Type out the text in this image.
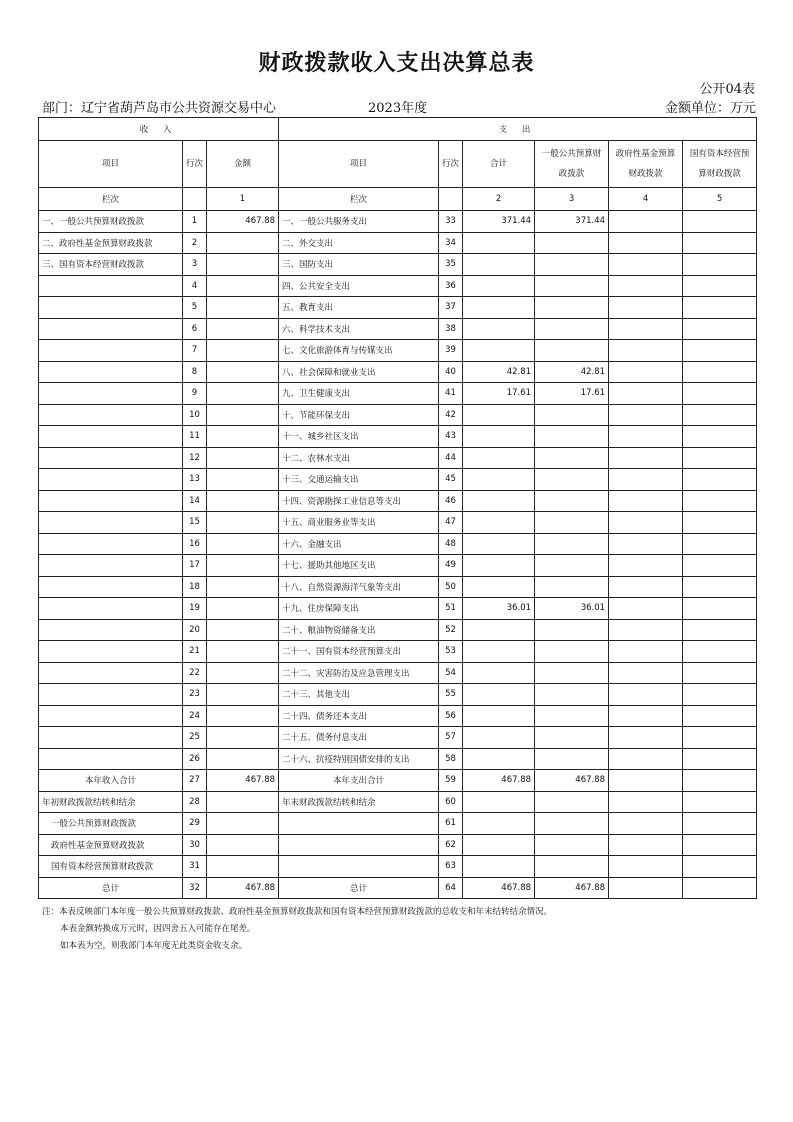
财政拨款收入支出决算总表
公开04表
部门：辽宁省葫芦岛市公共资源交易中心	2023年度	金额单位：万元
收 入			支 出					
项目	行次	金额	项目	行次	合计	一般公共预算财政拨款	政府性基金预算财政拨款	国有资本经营预算财政拨款
栏次		1	栏次		2	3	4	5
一、一般公共预算财政拨款	1	467.88	一、一般公共服务支出	33	371.44	371.44		
二、政府性基金预算财政拨款	2		二、外交支出	34				
三、国有资本经营财政拨款	3		三、国防支出	35				
	4		四、公共安全支出	36				
	5		五、教育支出	37				
	6		六、科学技术支出	38				
	7		七、文化旅游体育与传媒支出	39				
	8		八、社会保障和就业支出	40	42.81	42.81		
	9		九、卫生健康支出	41	17.61	17.61		
	10		十、节能环保支出	42				
	11		十一、城乡社区支出	43				
	12		十二、农林水支出	44				
	13		十三、交通运输支出	45				
	14		十四、资源勘探工业信息等支出	46				
	15		十五、商业服务业等支出	47				
	16		十六、金融支出	48				
	17		十七、援助其他地区支出	49				
	18		十八、自然资源海洋气象等支出	50				
	19		十九、住房保障支出	51	36.01	36.01		
	20		二十、粮油物资储备支出	52				
	21		二十一、国有资本经营预算支出	53				
	22		二十二、灾害防治及应急管理支出	54				
	23		二十三、其他支出	55				
	24		二十四、债务还本支出	56				
	25		二十五、债务付息支出	57				
	26		二十六、抗疫特别国债安排的支出	58				
本年收入合计	27	467.88	本年支出合计	59	467.88	467.88		
年初财政拨款结转和结余	28		年末财政拨款结转和结余	60				
一般公共预算财政拨款	29			61				
政府性基金预算财政拨款	30			62				
国有资本经营预算财政拨款	31			63				
总计	32	467.88	总计	64	467.88	467.88		
注：本表反映部门本年度一般公共预算财政拨款、政府性基金预算财政拨款和国有资本经营预算财政拨款的总收支和年末结转结余情况。
本表金额转换成万元时，因四舍五入可能存在尾差。
如本表为空，则我部门本年度无此类资金收支余。
